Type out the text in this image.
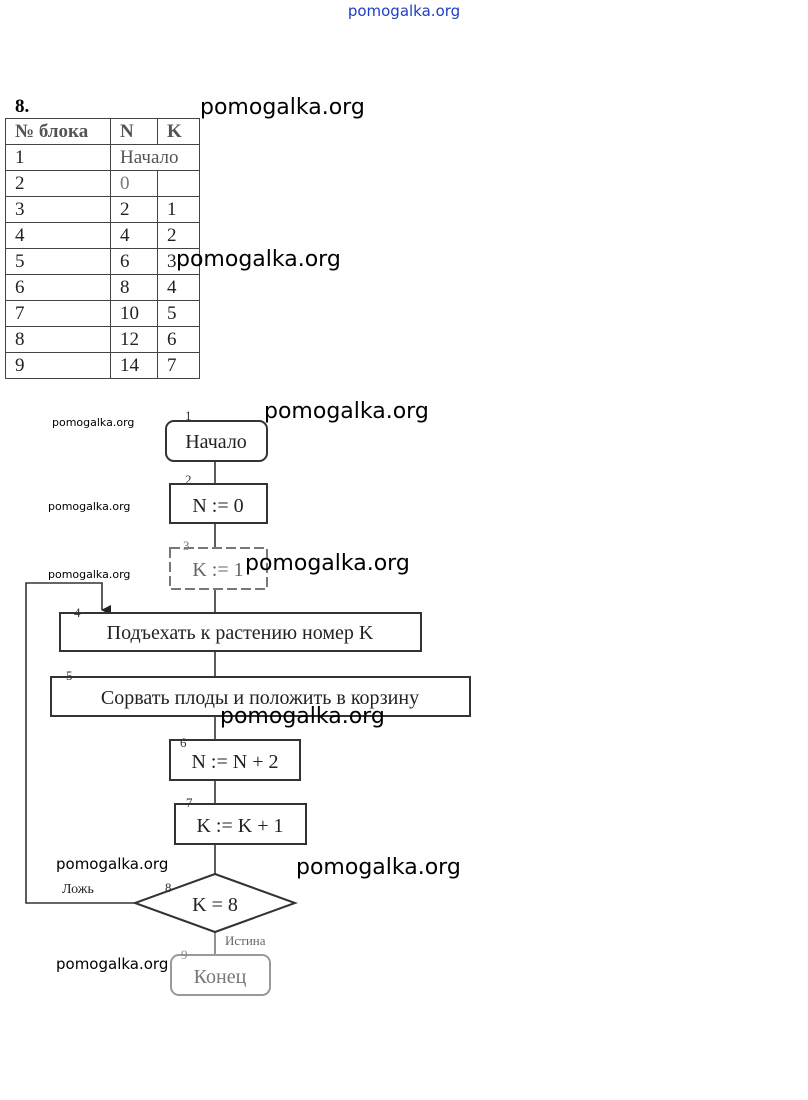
pomogalka.org
8.
№ блока	N	K
1	Начало	
2	0	
3	2	1
4	4	2
5	6	3
6	8	4
7	10	5
8	12	6
9	14	7
1
Начало
2
N := 0
3
K := 1
4
Подъехать к растению номер K
5
Сорвать плоды и положить в корзину
6
N := N + 2
7
K := K + 1
8
K = 8
Ложь
Истина
9
Конец
pomogalka.org
pomogalka.org
pomogalka.org
pomogalka.org
pomogalka.org
pomogalka.org
pomogalka.org
pomogalka.org
pomogalka.org
pomogalka.org
pomogalka.org
